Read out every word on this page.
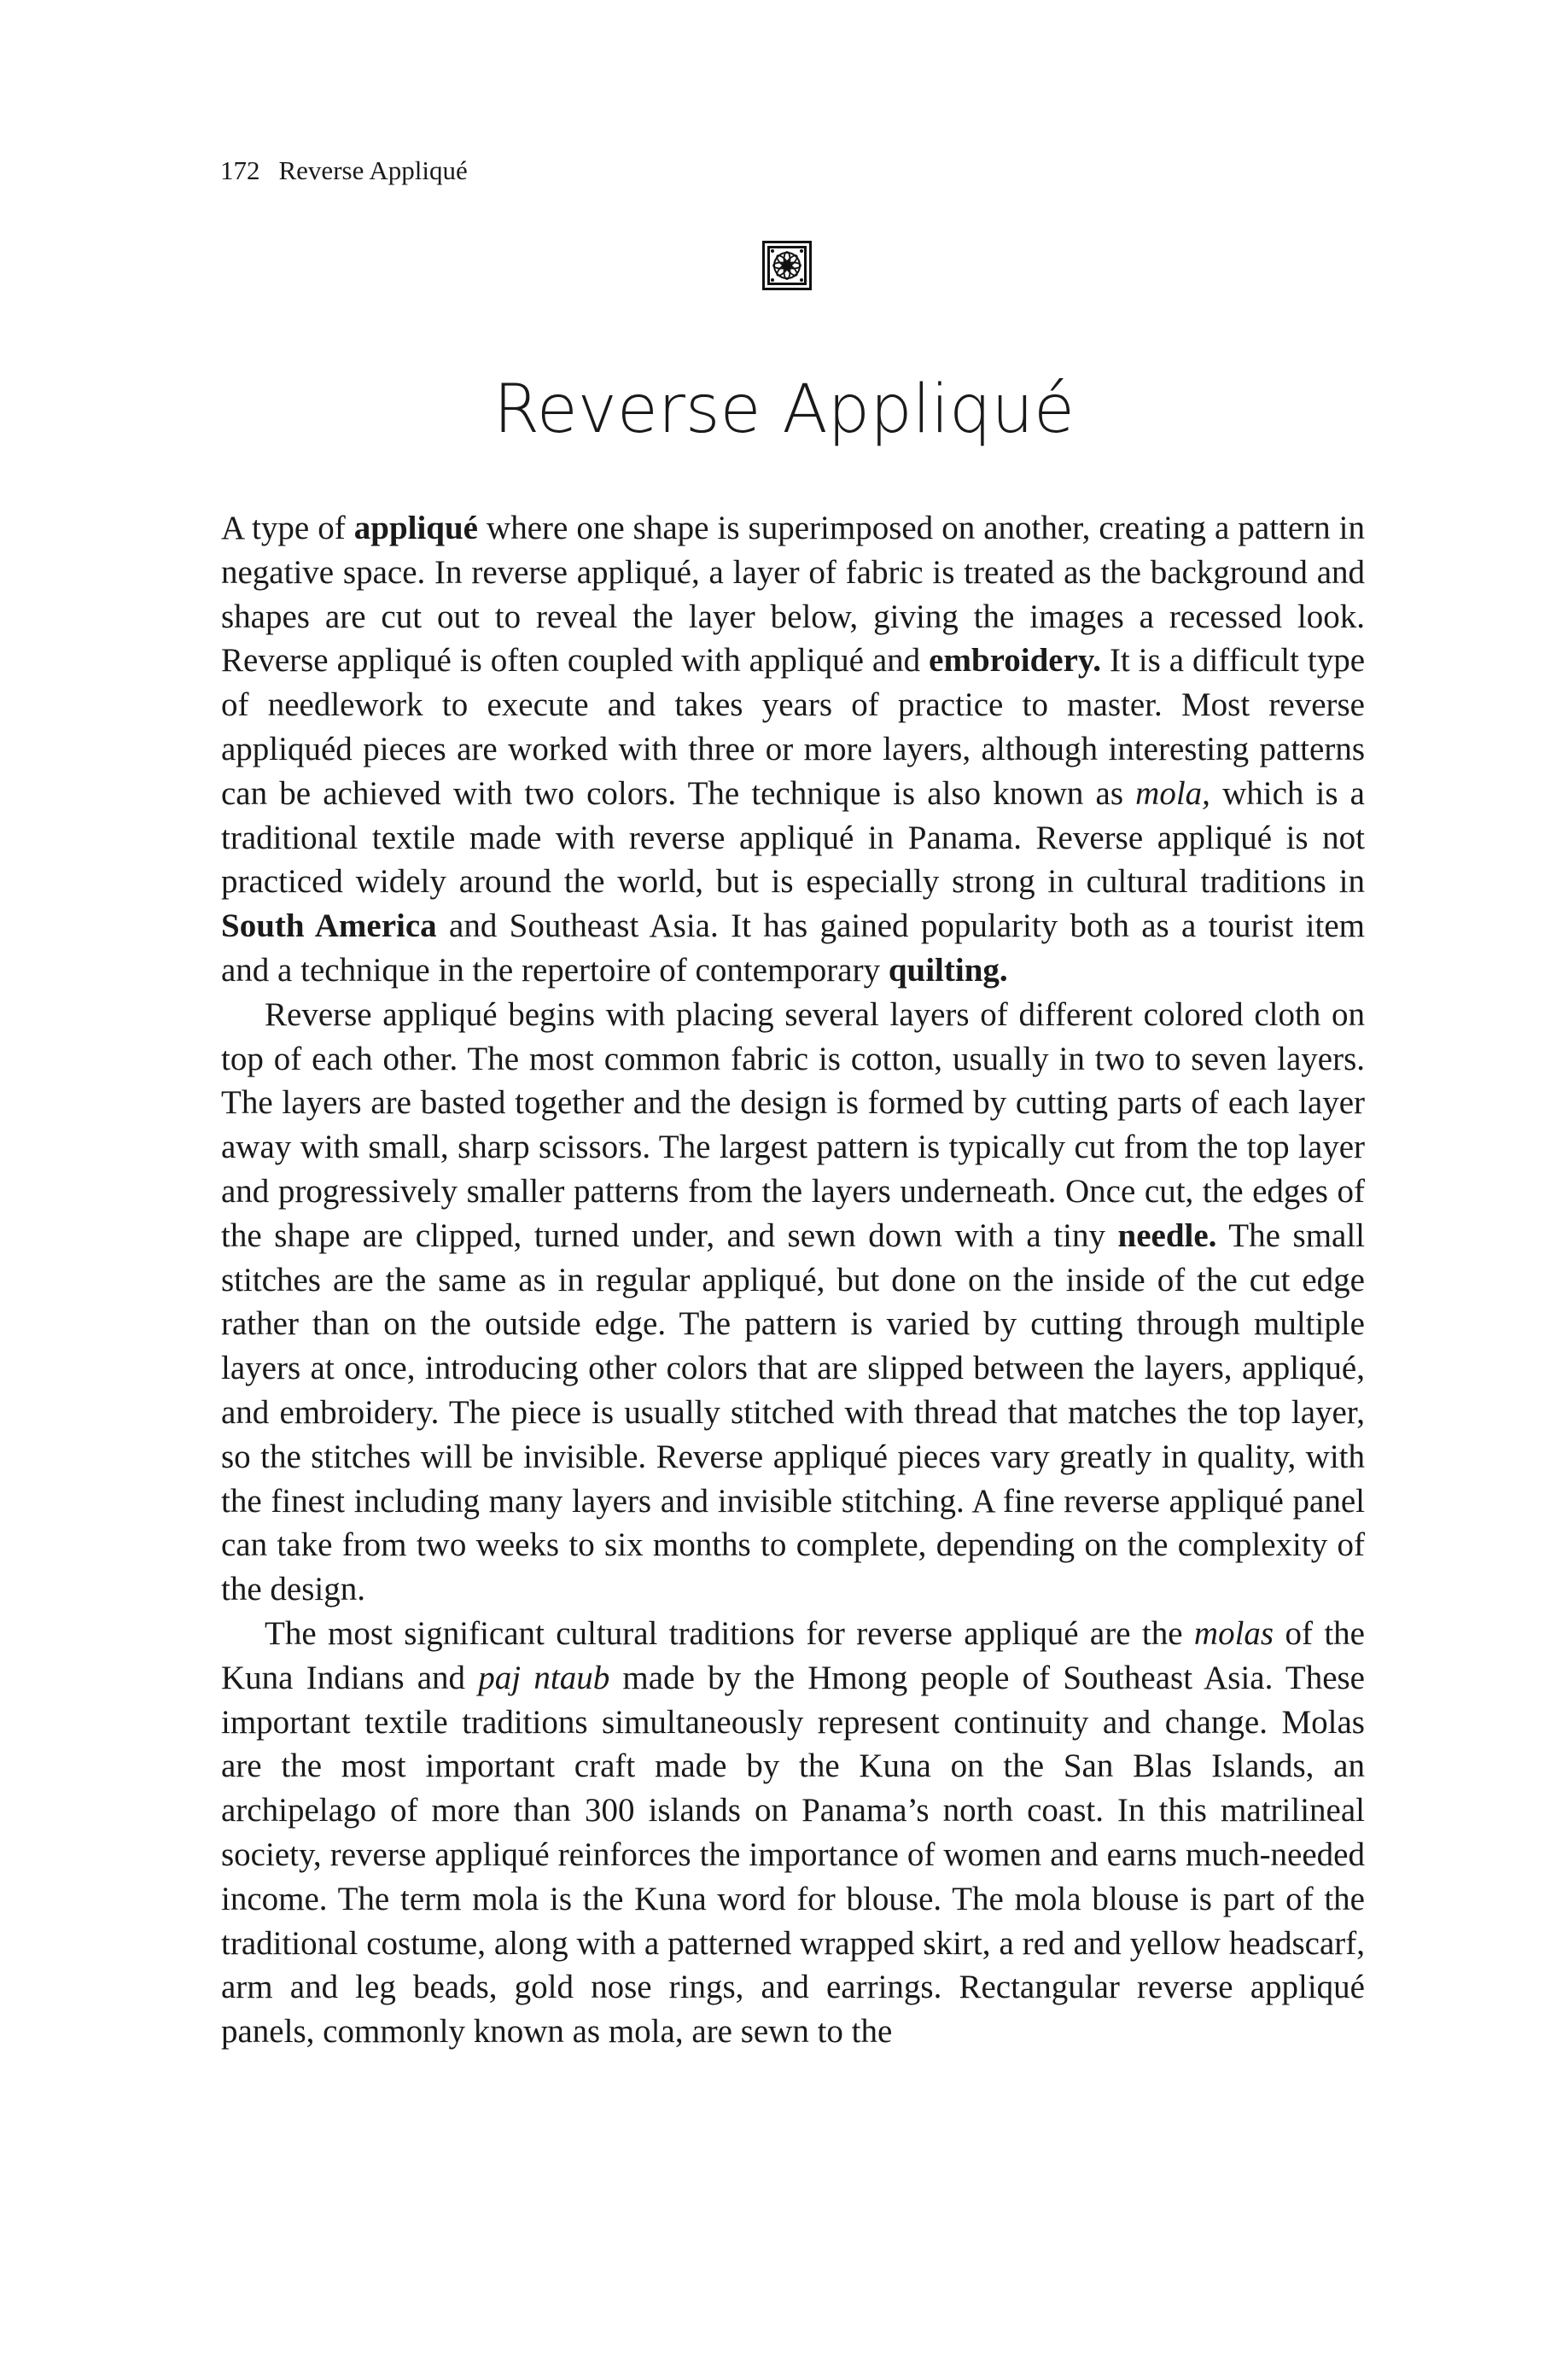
172 Reverse Appliqué
Reverse Appliqué

A type of appliqué where one shape is superimposed on another, creating a pattern in negative space. In reverse appliqué, a layer of fabric is treated as the background and shapes are cut out to reveal the layer below, giving the images a recessed look. Reverse appliqué is often coupled with appliqué and embroidery. It is a difficult type of needlework to execute and takes years of practice to master. Most reverse appliquéd pieces are worked with three or more layers, although interesting patterns can be achieved with two colors. The technique is also known as mola, which is a traditional textile made with reverse appliqué in Panama. Reverse appliqué is not practiced widely around the world, but is especially strong in cultural traditions in South America and Southeast Asia. It has gained popularity both as a tourist item and a technique in the repertoire of contemporary quilting.

Reverse appliqué begins with placing several layers of different colored cloth on top of each other. The most common fabric is cotton, usually in two to seven layers. The layers are basted together and the design is formed by cutting parts of each layer away with small, sharp scissors. The largest pattern is typically cut from the top layer and progressively smaller patterns from the layers underneath. Once cut, the edges of the shape are clipped, turned under, and sewn down with a tiny needle. The small stitches are the same as in regular appliqué, but done on the inside of the cut edge rather than on the outside edge. The pattern is varied by cutting through multiple layers at once, introducing other colors that are slipped between the layers, appliqué, and embroidery. The piece is usually stitched with thread that matches the top layer, so the stitches will be invisible. Reverse appliqué pieces vary greatly in quality, with the finest including many layers and invisible stitching. A fine reverse appliqué panel can take from two weeks to six months to complete, depending on the complexity of the design.

The most significant cultural traditions for reverse appliqué are the molas of the Kuna Indians and paj ntaub made by the Hmong people of Southeast Asia. These important textile traditions simultaneously represent continuity and change. Molas are the most important craft made by the Kuna on the San Blas Islands, an archipelago of more than 300 islands on Panama’s north coast. In this matrilineal society, reverse appliqué reinforces the importance of women and earns much-needed income. The term mola is the Kuna word for blouse. The mola blouse is part of the traditional costume, along with a patterned wrapped skirt, a red and yellow headscarf, arm and leg beads, gold nose rings, and earrings. Rectangular reverse appliqué panels, commonly known as mola, are sewn to the
